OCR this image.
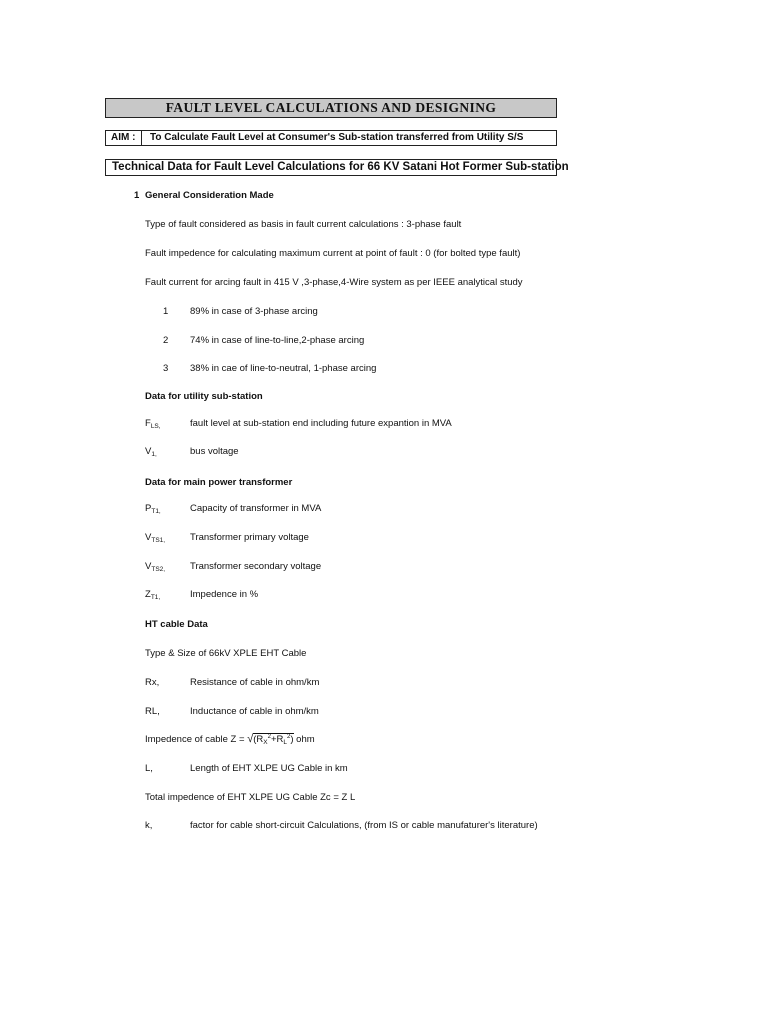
FAULT LEVEL CALCULATIONS AND DESIGNING
AIM :	To Calculate Fault Level at Consumer's Sub-station transferred from Utility S/S
Technical Data for Fault Level Calculations for 66 KV Satani Hot Former Sub-station
1 General Consideration Made
Type of fault considered as basis in fault current calculations : 3-phase fault
Fault impedence for calculating maximum current at point of fault : 0 (for bolted type fault)
Fault current for arcing fault in 415 V ,3-phase,4-Wire system as per IEEE analytical study
1 89% in case of 3-phase arcing
2 74% in case of line-to-line,2-phase arcing
3 38% in cae of line-to-neutral, 1-phase arcing
Data for utility sub-station
$F_{LS,}$	fault level at sub-station end including future expantion in MVA
$V_{1,}$	bus voltage
Data for main power transformer
$P_{T1,}$	Capacity of transformer in MVA
$V_{TS1,}$	Transformer primary voltage
$V_{TS2,}$	Transformer secondary voltage
$Z_{T1,}$	Impedence in %
HT cable Data
Type & Size of 66kV XPLE EHT Cable
Rx,	Resistance of cable in ohm/km
RL,	Inductance of cable in ohm/km
Impedence of cable $Z = √(R_X^2+R_L^2)$ ohm
L,	Length of EHT XLPE UG Cable in km
Total impedence of EHT XLPE UG Cable Zc = Z L
k,	factor for cable short-circuit Calculations, (from IS or cable manufaturer's literature)
